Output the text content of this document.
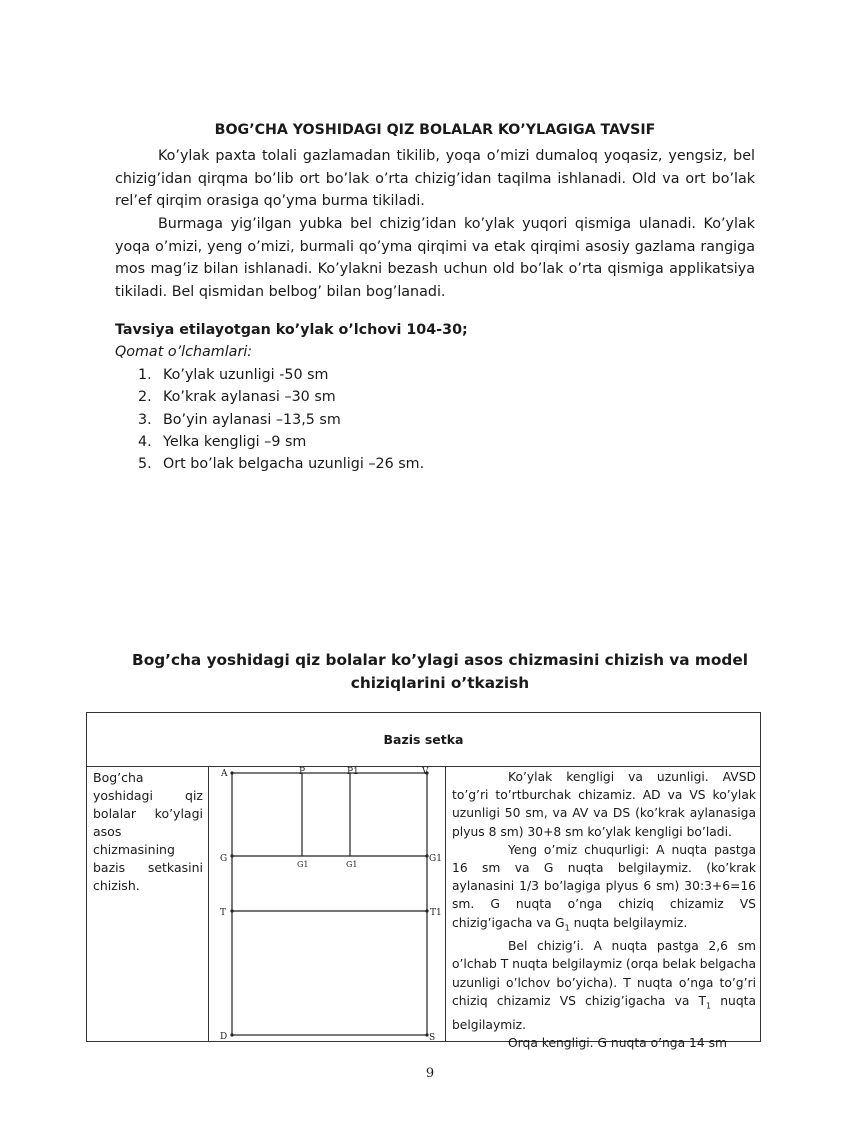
BOG’CHA YOSHIDAGI QIZ BOLALAR KO’YLAGIGA TAVSIF
Ko’ylak paxta tolali gazlamadan tikilib, yoqa o’mizi dumaloq yoqasiz, yengsiz, bel chizig’idan qirqma bo’lib ort bo’lak o’rta chizig’idan taqilma ishlanadi. Old va ort bo’lak rel’ef qirqim orasiga qo’yma burma tikiladi.
Burmaga yig’ilgan yubka bel chizig’idan ko’ylak yuqori qismiga ulanadi. Ko’ylak yoqa o’mizi, yeng o’mizi, burmali qo’yma qirqimi va etak qirqimi asosiy gazlama rangiga mos mag’iz bilan ishlanadi. Ko’ylakni bezash uchun old bo’lak o’rta qismiga applikatsiya tikiladi. Bel qismidan belbog’ bilan bog’lanadi.
Tavsiya etilayotgan ko’ylak o’lchovi 104-30;
Qomat o’lchamlari:
1. Ko’ylak uzunligi -50 sm
2. Ko’krak aylanasi –30 sm
3. Bo’yin aylanasi –13,5 sm
4. Yelka kengligi –9 sm
5. Ort bo’lak belgacha uzunligi –26 sm.
Bog’cha yoshidagi qiz bolalar ko’ylagi asos chizmasini chizish va model chiziqlarini o’tkazish
Bazis setka
Bog’cha yoshidagi qiz bolalar ko’ylagi asos chizmasining bazis setkasini chizish.
A	P	P1	V
G
G1	G1
G1
T	T1
D	S

Ko’ylak kengligi va uzunligi. AVSD to’g’ri to’rtburchak chizamiz. AD va VS ko’ylak uzunligi 50 sm, va AV va DS (ko’krak aylanasiga plyus 8 sm) 30+8 sm ko’ylak kengligi bo’ladi.

Yeng o’miz chuqurligi: A nuqta pastga 16 sm va G nuqta belgilaymiz. (ko’krak aylanasini 1/3 bo’lagiga plyus 6 sm) 30:3+6=16 sm. G nuqta o’nga chiziq chizamiz VS chizig’igacha va $G_1$ nuqta belgilaymiz.

Bel chizig’i. A nuqta pastga 2,6 sm o’lchab T nuqta belgilaymiz (orqa belak belgacha uzunligi o’lchov bo’yicha). T nuqta o’nga to’g’ri chiziq chizamiz VS chizig’igacha va $T_1$ nuqta belgilaymiz.

Orqa kengligi. G nuqta o’nga 14 sm

9
